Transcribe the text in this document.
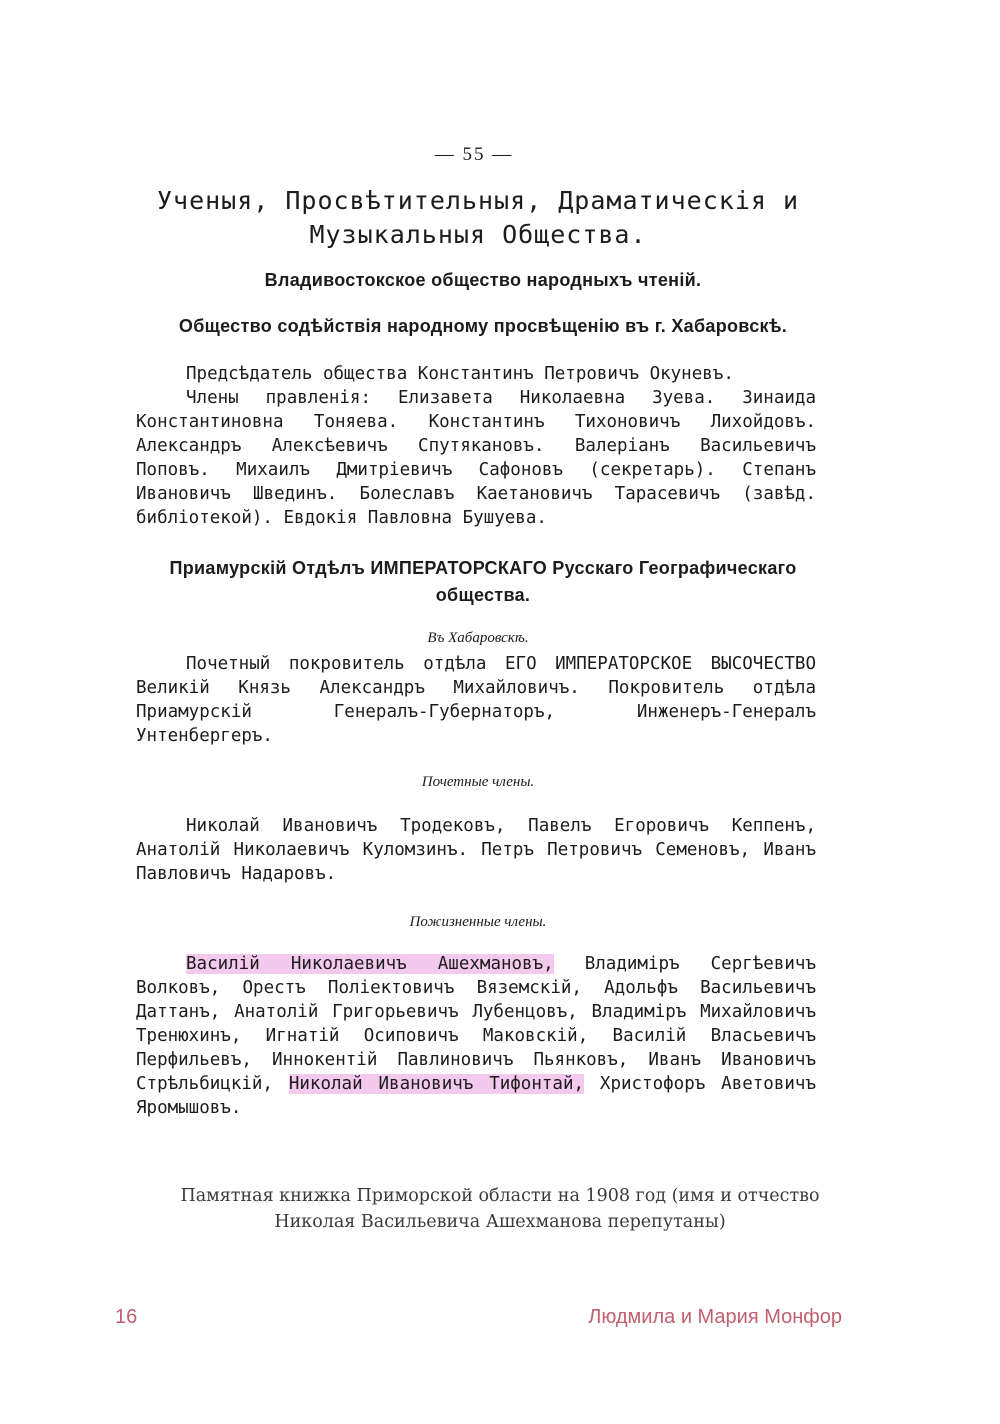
— 55 —
Ученыя, Просвѣтительныя, Драматическія и Музыкальныя Общества.
Владивостокское общество народныхъ чтеній.
Общество содѣйствія народному просвѣщенію въ г. Хабаровскѣ.

Предсѣдатель общества Константинъ Петровичъ Окуневъ.

Члены правленія: Елизавета Николаевна Зуева. Зинаида Константиновна Тоняева. Константинъ Тихоновичъ Лихойдовъ. Александръ Алексѣевичъ Спутякановъ. Валеріанъ Васильевичъ Поповъ. Михаилъ Дмитріевичъ Сафоновъ (секретарь). Степанъ Ивановичъ Швединъ. Болеславъ Каетановичъ Тарасевичъ (завѣд. библіотекой). Евдокія Павловна Бушуева.

Приамурскій Отдѣлъ ИМПЕРАТОРСКАГО Русскаго Географическаго
общества.
Въ Хабаровскѣ.

Почетный покровитель отдѣла ЕГО ИМПЕРАТОРСКОЕ ВЫСОЧЕСТВО Великій Князь Александръ Михайловичъ. Покровитель отдѣла Приамурскій Генералъ-Губернаторъ, Инженеръ-Генералъ Унтенбергеръ.

Почетные члены.

Николай Ивановичъ Тродековъ, Павелъ Егоровичъ Кеппенъ, Анатолій Николаевичъ Куломзинъ. Петръ Петровичъ Семеновъ, Иванъ Павловичъ Надаровъ.

Пожизненные члены.

Василій Николаевичъ Ашехмановъ, Владиміръ Сергѣевичъ Волковъ, Орестъ Поліектовичъ Вяземскій, Адольфъ Васильевичъ Даттанъ, Анатолій Григорьевичъ Лубенцовъ, Владиміръ Михайловичъ Тренюхинъ, Игнатій Осиповичъ Маковскій, Василій Власьевичъ Перфильевъ, Иннокентій Павлиновичъ Пьянковъ, Иванъ Ивановичъ Стрѣльбицкій, Николай Ивановичъ Тифонтай, Христофоръ Аветовичъ Яромышовъ.

Памятная книжка Приморской области на 1908 год (имя и отчество
Николая Васильевича Ашехманова перепутаны)
16	Людмила и Мария Монфор
